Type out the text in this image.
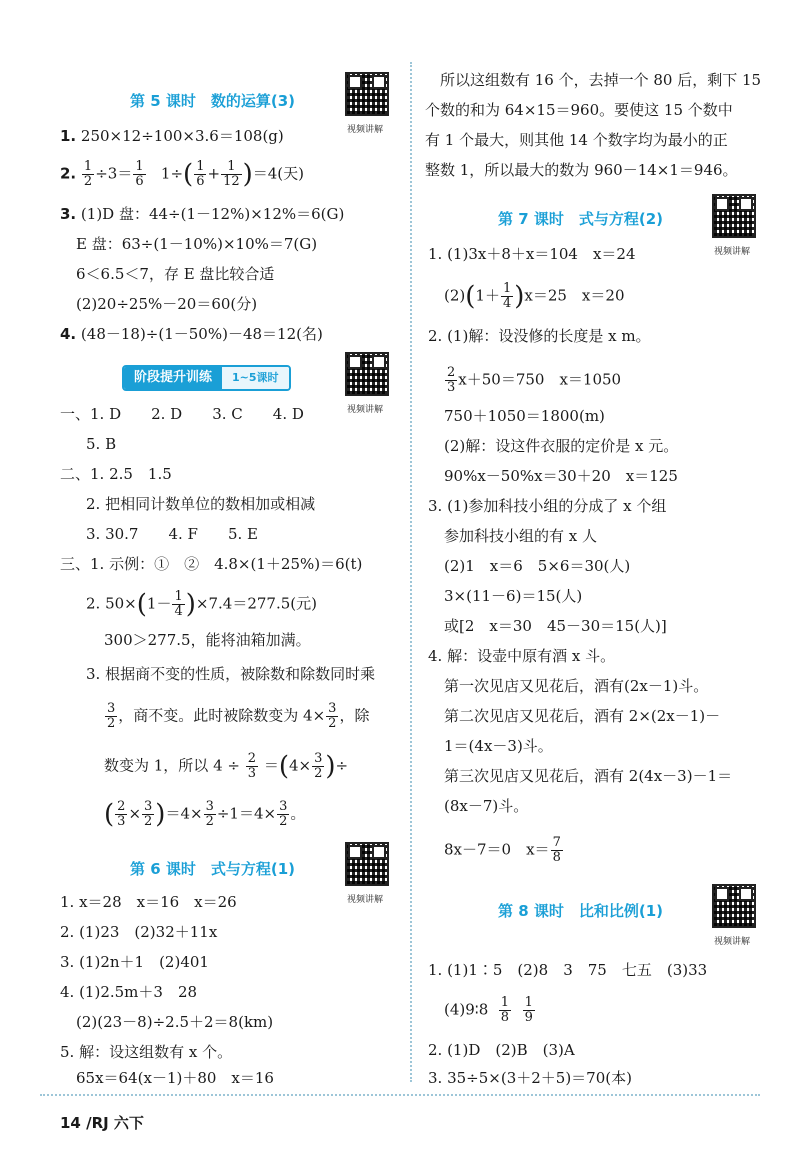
第 5 课时　数的运算(3)
视频讲解
1. 250×12÷100×3.6＝108(g)
2. $\frac{1}{2} \div 3= \frac{1}{6} 1\div( \frac{1}{6} + \frac{1}{12} )=4$(天)
3. (1)D 盘：44÷(1－12%)×12%＝6(G)
E 盘：63÷(1－10%)×10%＝7(G)
6＜6.5＜7，存 E 盘比较合适
(2)20÷25%－20＝60(分)
4. (48－18)÷(1－50%)－48＝12(名)
阶段提升训练	1~5课时
视频讲解
一、1. D　　2. D　　3. C　　4. D
5. B
二、1. 2.5　1.5
2. 把相同计数单位的数相加或相减
3. 30.7　　4. F　　5. E
三、1. 示例：①　②　4.8×(1＋25%)＝6(t)
2. $50\times(1- \frac{1}{4} )\times 7.4=277.5$(元)
300＞277.5，能将油箱加满。
3. 根据商不变的性质，被除数和除数同时乘
$\frac{3}{2}$ ，商不变。此时被除数变为 $4\times \frac{3}{2}$ ，除
数变为 1，所以 $4 \div \frac{2}{3} =(4\times \frac{3}{2}$ )÷
( $\frac{2}{3} \times \frac{3}{2} )=4\times \frac{3}{2} \div 1=4\times \frac{3}{2}$ 。
第 6 课时　式与方程(1)
视频讲解
1. x＝28　x＝16　x＝26
2. (1)23　(2)32＋11x
3. (1)2n＋1　(2)401
4. (1)2.5m＋3　28
(2)(23－8)÷2.5＋2＝8(km)
5. 解：设这组数有 x 个。
65x＝64(x－1)＋80　x＝16
所以这组数有 16 个，去掉一个 80 后，剩下 15
个数的和为 64×15＝960。要使这 15 个数中
有 1 个最大，则其他 14 个数字均为最小的正
整数 1，所以最大的数为 960－14×1＝946。
第 7 课时　式与方程(2)
视频讲解
1. (1)3x＋8＋x＝104　x＝24
$(2)(1+ \frac{1}{4} )x=25$　x＝20
2. (1)解：设没修的长度是 x m。
$\frac{2}{3} x+50=750$　x＝1050
750＋1050＝1800(m)
(2)解：设这件衣服的定价是 x 元。
90%x－50%x＝30＋20　x＝125
3. (1)参加科技小组的分成了 x 个组
参加科技小组的有 x 人
(2)1　x＝6　5×6＝30(人)
3×(11－6)＝15(人)
或[2　x＝30　45－30＝15(人)]
4. 解：设壶中原有酒 x 斗。
第一次见店又见花后，酒有(2x－1)斗。
第二次见店又见花后，酒有 2×(2x－1)－
1＝(4x－3)斗。
第三次见店又见花后，酒有 2(4x－3)－1＝
(8x－7)斗。
8x－7＝0　$x= \frac{7}{8}$
第 8 课时　比和比例(1)
视频讲解
1. (1)1∶5　(2)8　3　75　七五　(3)33
(4)9∶8 $\frac{1}{8}$
$\frac{1}{9}$
2. (1)D　(2)B　(3)A
3. 35÷5×(3＋2＋5)＝70(本)
14 /RJ 六下
